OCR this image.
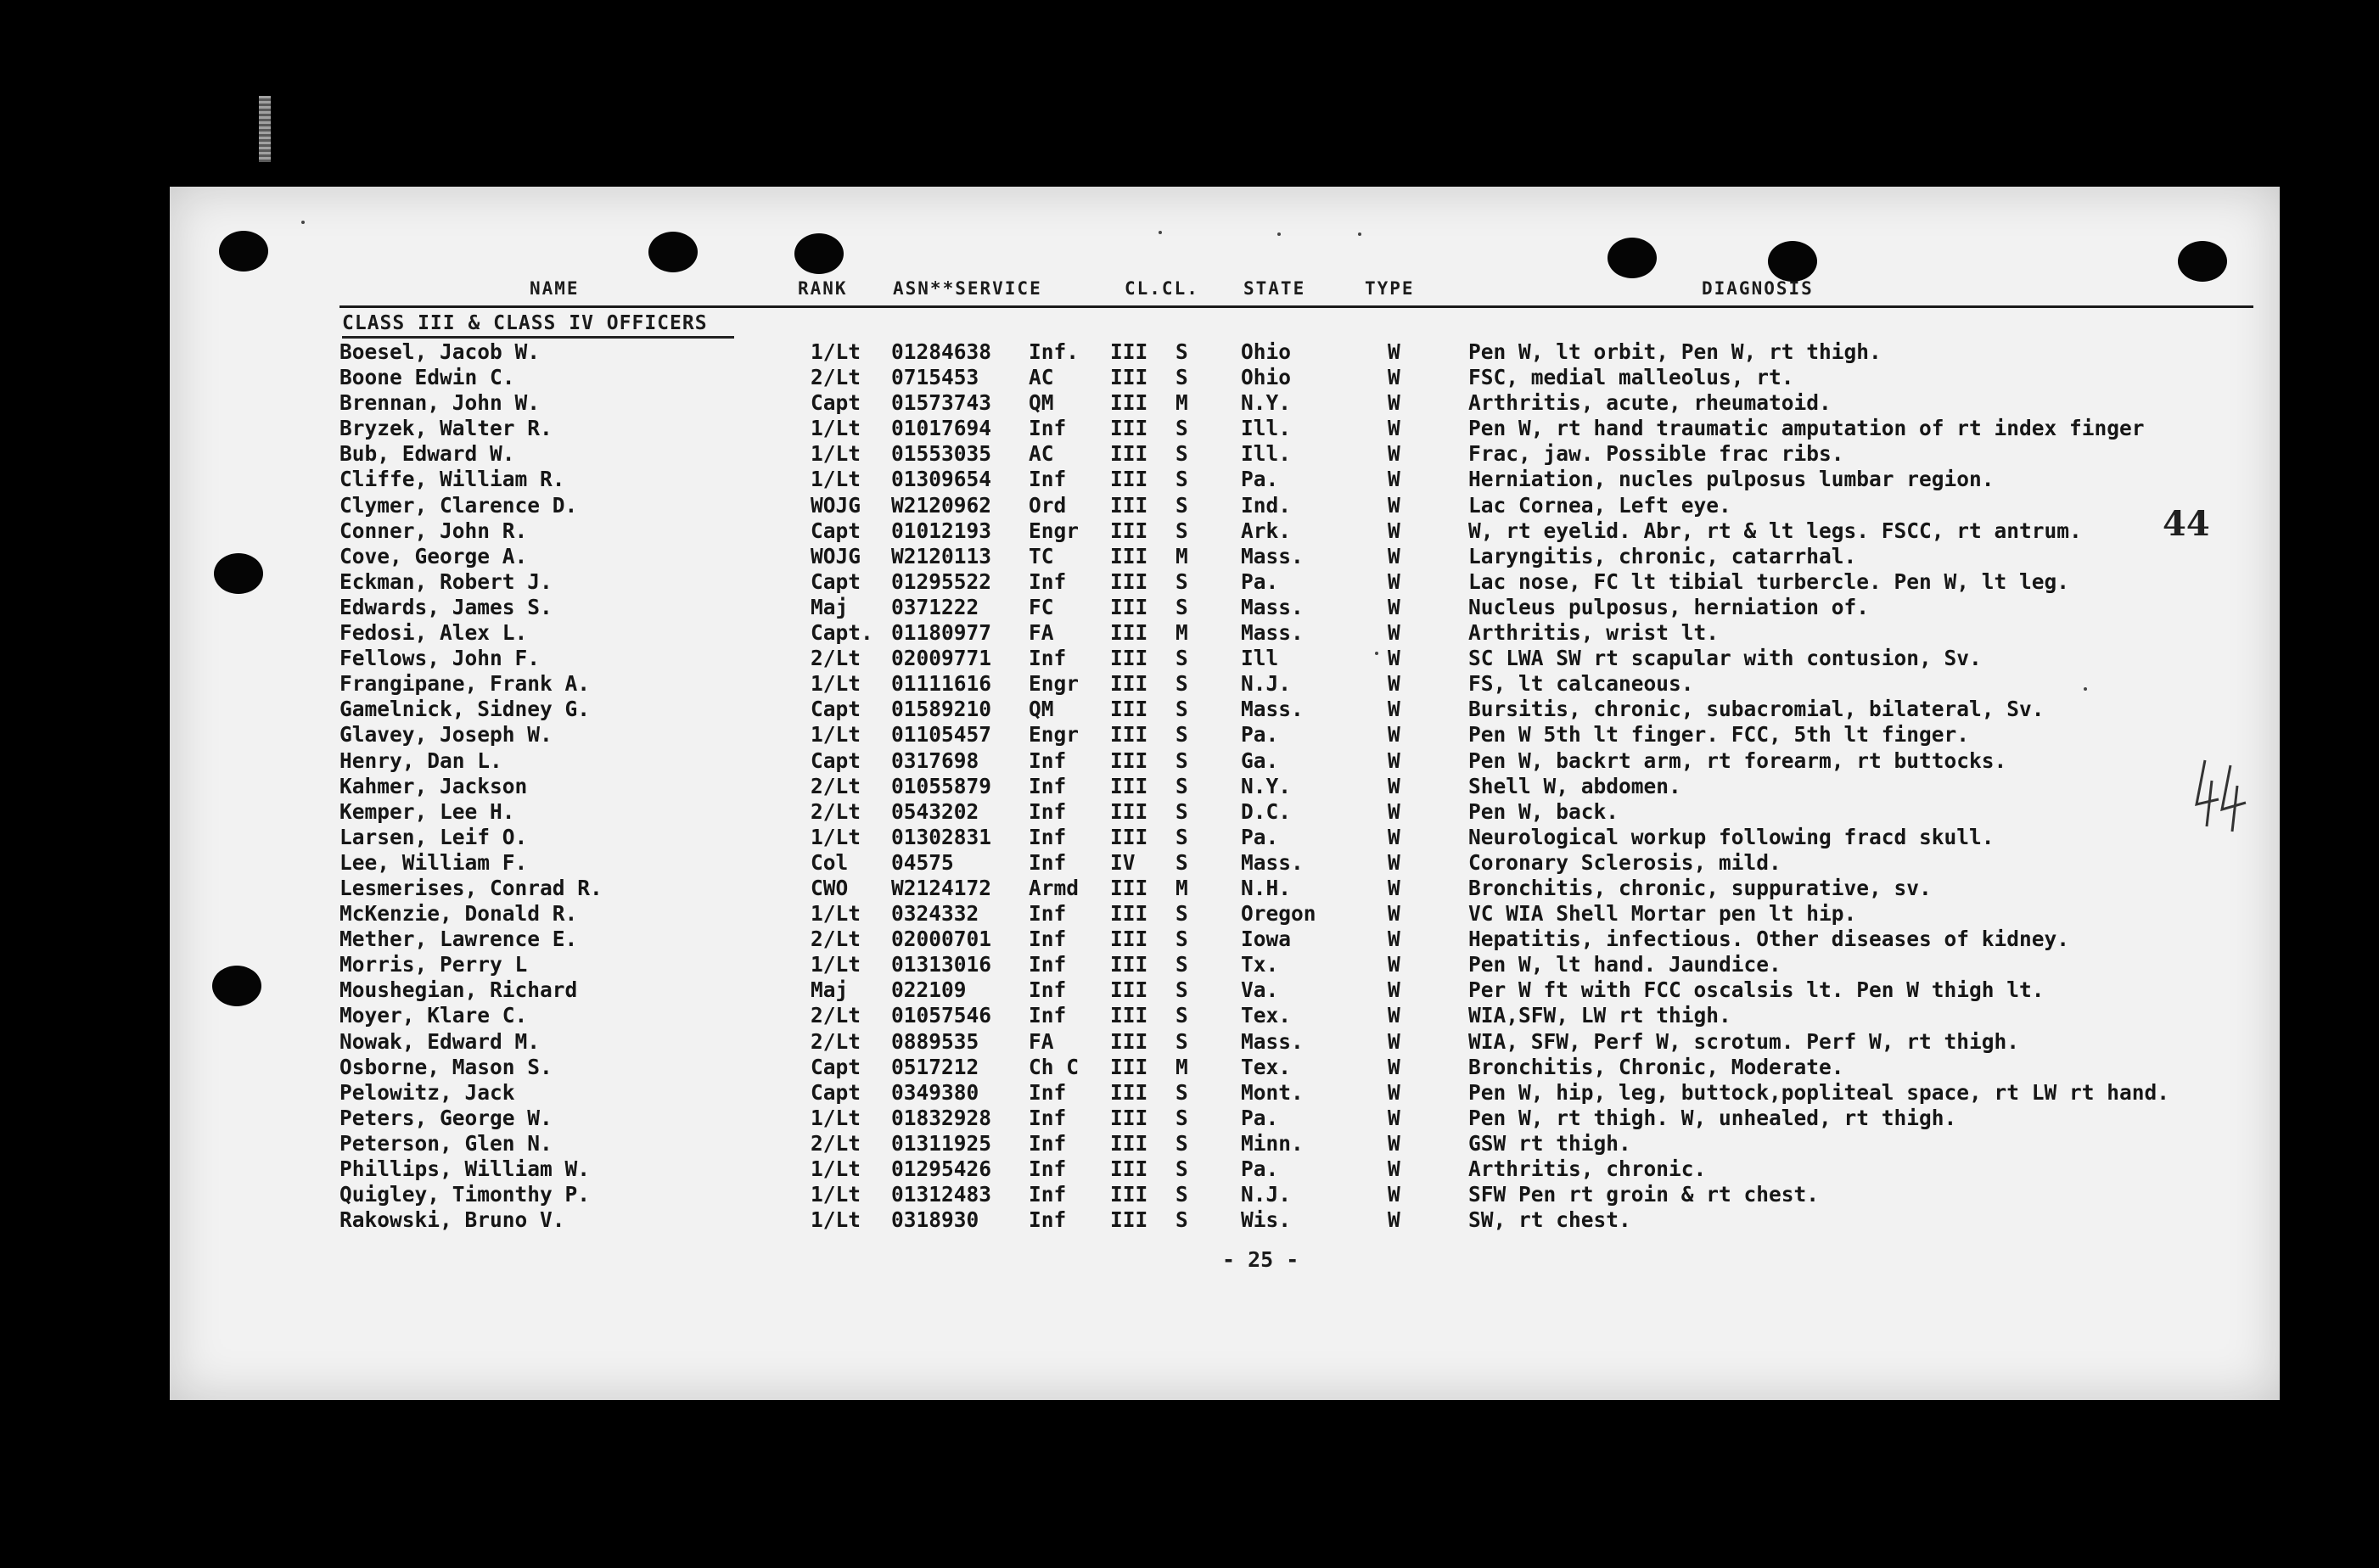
NAME	RANK	ASN**SERVICE	CL.CL. STATE	TYPE	DIAGNOSIS
CLASS III & CLASS IV OFFICERS
Boesel, Jacob W.	1/Lt	01284638	Inf.	III	S	Ohio	W	Pen W, lt orbit, Pen W, rt thigh.
Boone Edwin C.	2/Lt	0715453	AC	III	S	Ohio	W	FSC, medial malleolus, rt.
Brennan, John W.	Capt	01573743	QM	III	M	N.Y.	W	Arthritis, acute, rheumatoid.
Bryzek, Walter R.	1/Lt	01017694	Inf	III	S	Ill.	W	Pen W, rt hand traumatic amputation of rt index finger
Bub, Edward W.	1/Lt	01553035	AC	III	S	Ill.	W	Frac, jaw. Possible frac ribs.
Cliffe, William R.	1/Lt	01309654	Inf	III	S	Pa.	W	Herniation, nucles pulposus lumbar region.
Clymer, Clarence D.	WOJG	W2120962	Ord	III	S	Ind.	W	Lac Cornea, Left eye.
Conner, John R.	Capt	01012193	Engr	III	S	Ark.	W	W, rt eyelid. Abr, rt & lt legs. FSCC, rt antrum.
Cove, George A.	WOJG	W2120113	TC	III	M	Mass.	W	Laryngitis, chronic, catarrhal.
Eckman, Robert J.	Capt	01295522	Inf	III	S	Pa.	W	Lac nose, FC lt tibial turbercle. Pen W, lt leg.
Edwards, James S.	Maj	0371222	FC	III	S	Mass.	W	Nucleus pulposus, herniation of.
Fedosi, Alex L.	Capt. 01180977	FA	III	M	Mass.	W	Arthritis, wrist lt.
Fellows, John F.	2/Lt	02009771	Inf	III	S	Ill	W	SC LWA SW rt scapular with contusion, Sv.
Frangipane, Frank A.	1/Lt	01111616	Engr	III	S	N.J.	W	FS, lt calcaneous.
Gamelnick, Sidney G.	Capt	01589210	QM	III	S	Mass.	W	Bursitis, chronic, subacromial, bilateral, Sv.
Glavey, Joseph W.	1/Lt	01105457	Engr	III	S	Pa.	W	Pen W 5th lt finger. FCC, 5th lt finger.
Henry, Dan L.	Capt	0317698	Inf	III	S	Ga.	W	Pen W, backrt arm, rt forearm, rt buttocks.
Kahmer, Jackson	2/Lt	01055879	Inf	III	S	N.Y.	W	Shell W, abdomen.
Kemper, Lee H.	2/Lt	0543202	Inf	III	S	D.C.	W	Pen W, back.
Larsen, Leif O.	1/Lt	01302831	Inf	III	S	Pa.	W	Neurological workup following fracd skull.
Lee, William F.	Col	04575	Inf	IV	S	Mass.	W	Coronary Sclerosis, mild.
Lesmerises, Conrad R.	CWO	W2124172	Armd	III	M	N.H.	W	Bronchitis, chronic, suppurative, sv.
McKenzie, Donald R.	1/Lt	0324332	Inf	III	S	Oregon	W	VC WIA Shell Mortar pen lt hip.
Mether, Lawrence E.	2/Lt	02000701	Inf	III	S	Iowa	W	Hepatitis, infectious. Other diseases of kidney.
Morris, Perry L	1/Lt	01313016	Inf	III	S	Tx.	W	Pen W, lt hand. Jaundice.
Moushegian, Richard	Maj	022109	Inf	III	S	Va.	W	Per W ft with FCC oscalsis lt. Pen W thigh lt.
Moyer, Klare C.	2/Lt	01057546	Inf	III	S	Tex.	W	WIA,SFW, LW rt thigh.
Nowak, Edward M.	2/Lt	0889535	FA	III	S	Mass.	W	WIA, SFW, Perf W, scrotum. Perf W, rt thigh.
Osborne, Mason S.	Capt	0517212	Ch C	III	M	Tex.	W	Bronchitis, Chronic, Moderate.
Pelowitz, Jack	Capt	0349380	Inf	III	S	Mont.	W	Pen W, hip, leg, buttock,popliteal space, rt LW rt hand.
Peters, George W.	1/Lt	01832928	Inf	III	S	Pa.	W	Pen W, rt thigh. W, unhealed, rt thigh.
Peterson, Glen N.	2/Lt	01311925	Inf	III	S	Minn.	W	GSW rt thigh.
Phillips, William W.	1/Lt	01295426	Inf	III	S	Pa.	W	Arthritis, chronic.
Quigley, Timonthy P.	1/Lt	01312483	Inf	III	S	N.J.	W	SFW Pen rt groin & rt chest.
Rakowski, Bruno V.	1/Lt	0318930	Inf	III	S	Wis.	W	SW, rt chest.
44
- 25 -
